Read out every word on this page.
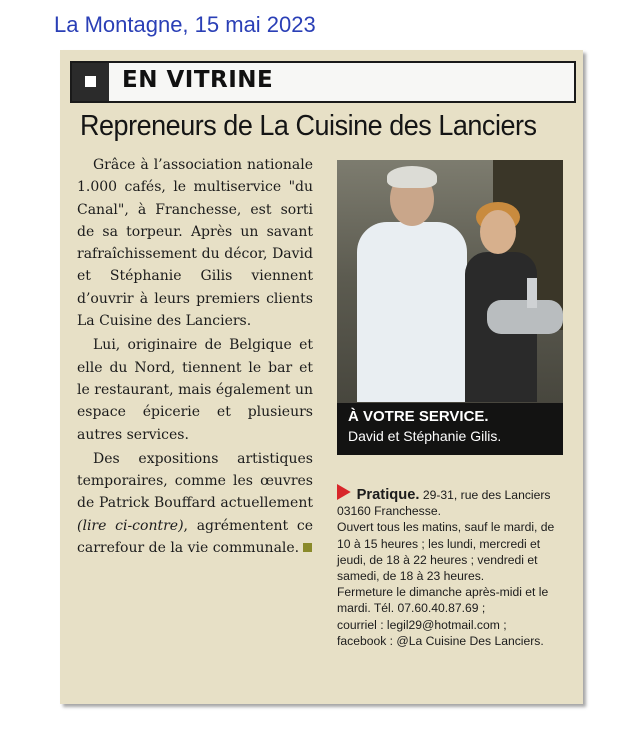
La Montagne, 15 mai 2023
EN VITRINE
Repreneurs de La Cuisine des Lanciers

Grâce à l’association nationale 1.000 cafés, le multiservice "du Canal", à Franchesse, est sorti de sa torpeur. Après un savant rafraîchissement du décor, David et Stéphanie Gilis viennent d’ouvrir à leurs premiers clients La Cuisine des Lanciers.

Lui, originaire de Belgique et elle du Nord, tiennent le bar et le restaurant, mais également un espace épicerie et plusieurs autres services.

Des expositions artistiques temporaires, comme les œuvres de Patrick Bouffard actuellement (lire ci-contre), agrémentent ce carrefour de la vie communale.

À VOTRE SERVICE.
David et Stéphanie Gilis.

Pratique. 29-31, rue des Lanciers 03160 Franchesse.

Ouvert tous les matins, sauf le mardi, de 10 à 15 heures ; les lundi, mercredi et jeudi, de 18 à 22 heures ; vendredi et samedi, de 18 à 23 heures.

Fermeture le dimanche après-midi et le mardi. Tél. 07.60.40.87.69 ;

courriel : legil29@hotmail.com ;

facebook : @La Cuisine Des Lanciers.
